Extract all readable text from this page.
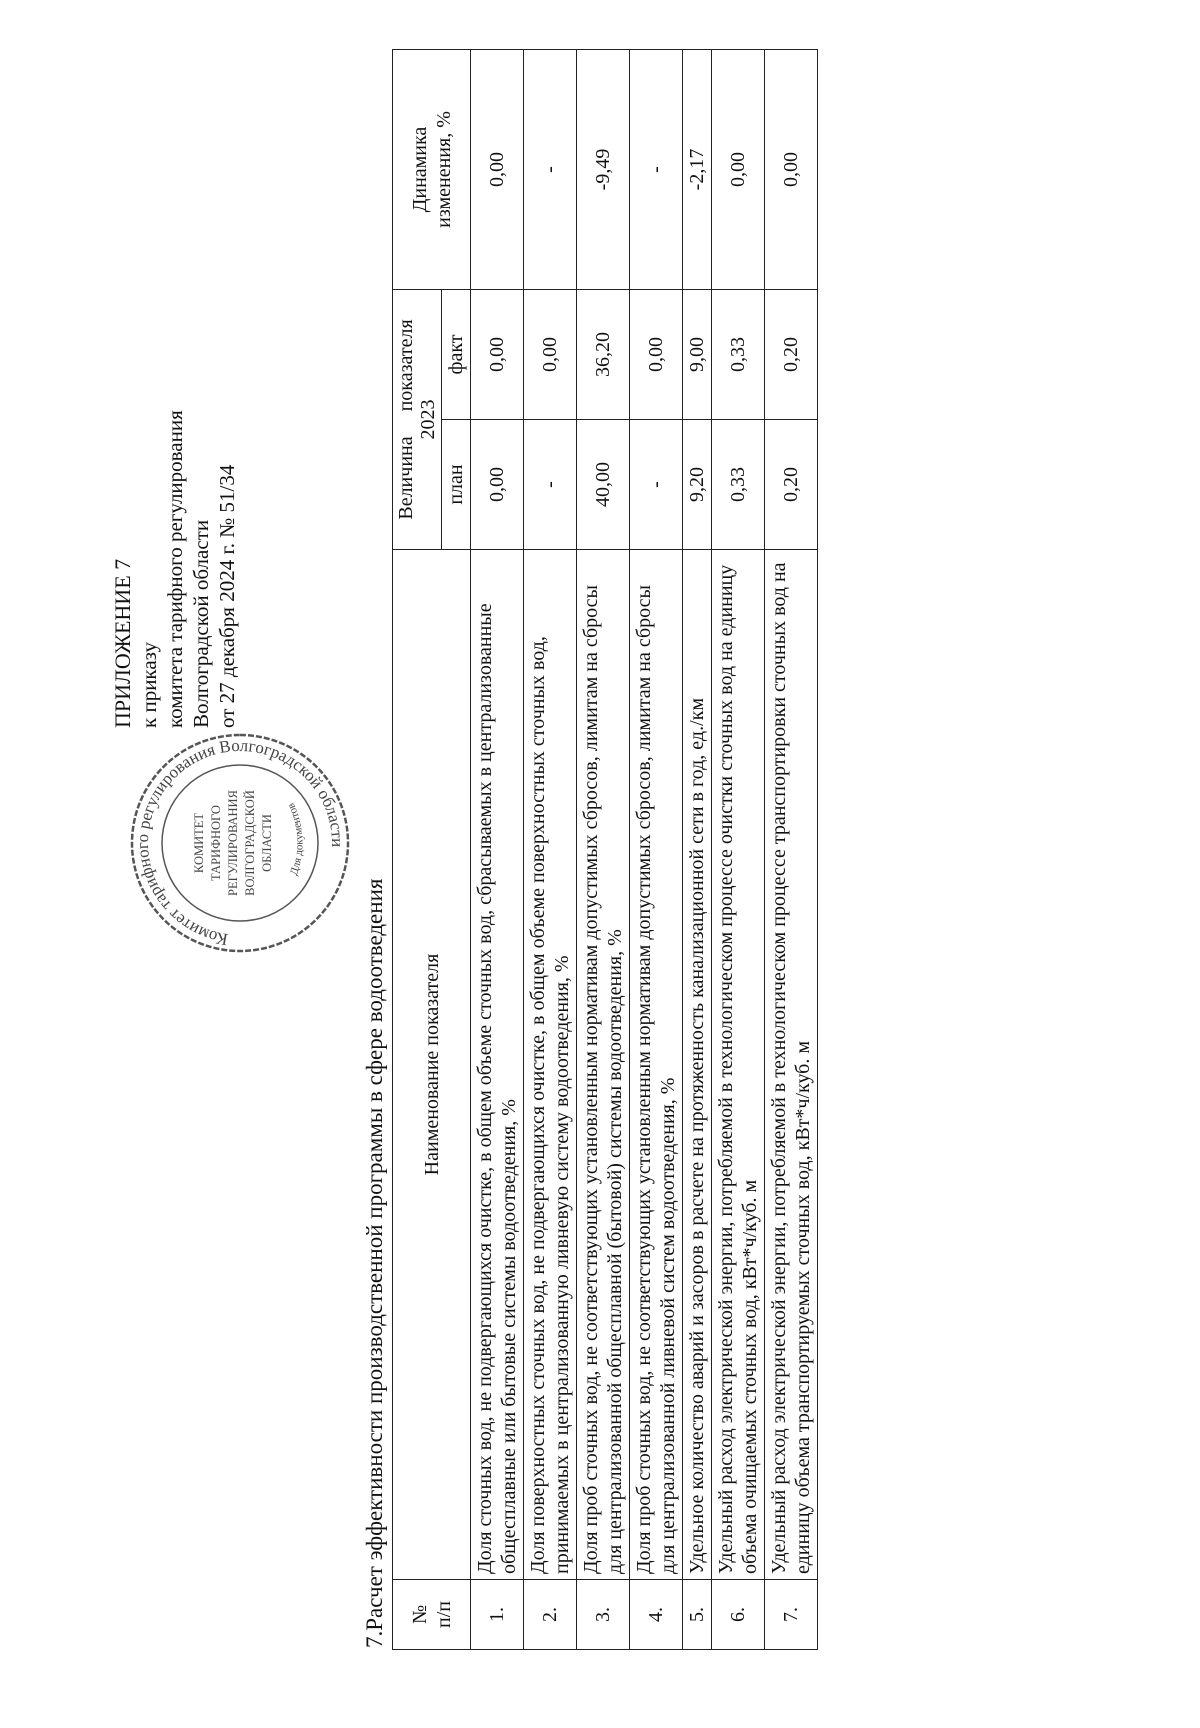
ПРИЛОЖЕНИЕ 7 к приказу комитета тарифного регулирования Волгоградской области от 27 декабря 2024 г. № 51/34
Комитет тарифного регулирования Волгоградской области
КОМИТЕТ ТАРИФНОГО РЕГУЛИРОВАНИЯ ВОЛГОГРАДСКОЙ ОБЛАСТИ Для документов
7.Расчет эффективности производственной программы в сфере водоотведения № п/п	Наименование показателя	Величина     показателя 2023		Динамика изменения, %

		план	факт	
1.	Доля сточных вод, не подвергающихся очистке, в общем объеме сточных вод, сбрасываемых в централизованные общесплавные или бытовые системы водоотведения, %	0,00	0,00	0,00
2.	Доля поверхностных сточных вод, не подвергающихся очистке, в общем объеме поверхностных сточных вод, принимаемых в централизованную ливневую систему водоотведения, %	-	0,00	-
3.	Доля проб сточных вод, не соответствующих установленным нормативам допустимых сбросов, лимитам на сбросы для централизованной общесплавной (бытовой) системы водоотведения, %	40,00	36,20	-9,49
4.	Доля проб сточных вод, не соответствующих установленным нормативам допустимых сбросов, лимитам на сбросы для централизованной ливневой систем водоотведения, %	-	0,00	-
5.	Удельное количество аварий и засоров в расчете на протяженность канализационной сети в год, ед./км	9,20	9,00	-2,17
6.	Удельный расход электрической энергии, потребляемой в технологическом процессе очистки сточных вод на единицу объема очищаемых сточных вод, кВт*ч/куб. м	0,33	0,33	0,00
7.	Удельный расход электрической энергии, потребляемой в технологическом процессе транспортировки сточных вод на единицу объема транспортируемых сточных вод, кВт*ч/куб. м	0,20	0,20	0,00
